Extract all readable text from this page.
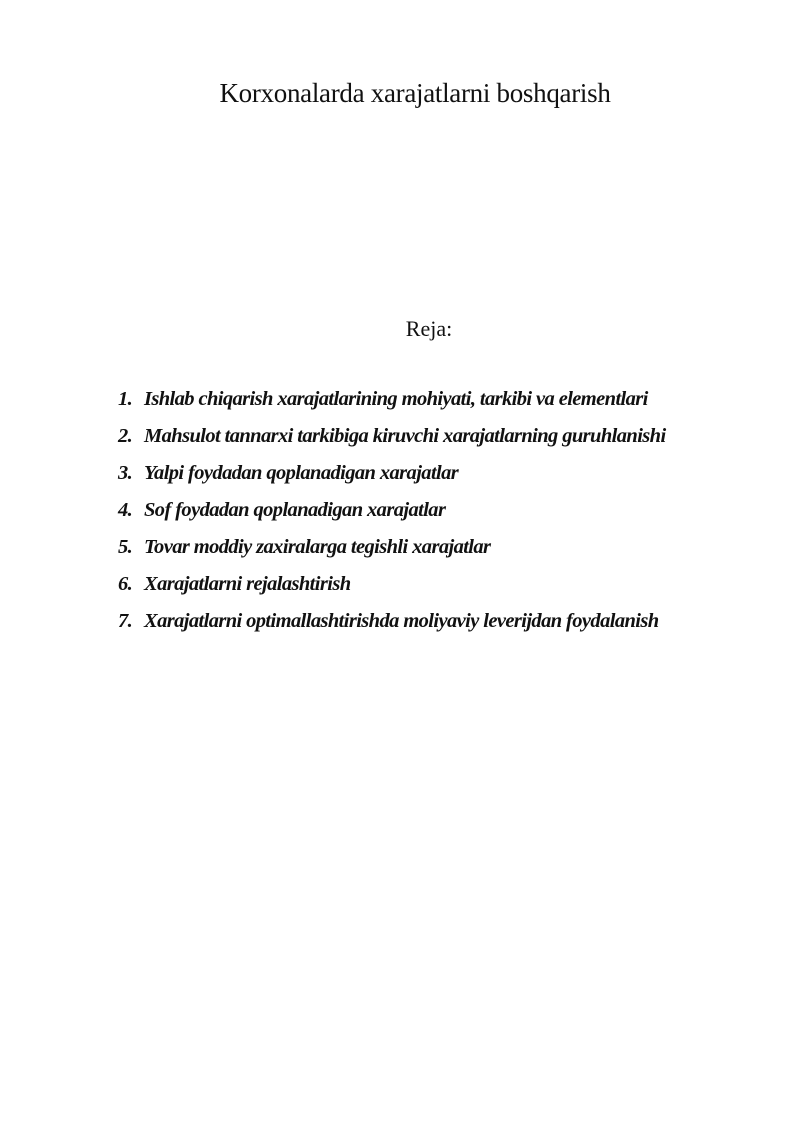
Korxonalarda xarajatlarni boshqarish
Reja:
1. Ishlab chiqarish xarajatlarining mohiyati, tarkibi va elementlari
2. Mahsulot tannarxi tarkibiga kiruvchi xarajatlarning guruhlanishi
3. Yalpi foydadan qoplanadigan xarajatlar
4. Sof foydadan qoplanadigan xarajatlar
5. Tovar moddiy zaxiralarga tegishli xarajatlar
6. Xarajatlarni rejalashtirish
7. Xarajatlarni optimallashtirishda moliyaviy leverijdan foydalanish
